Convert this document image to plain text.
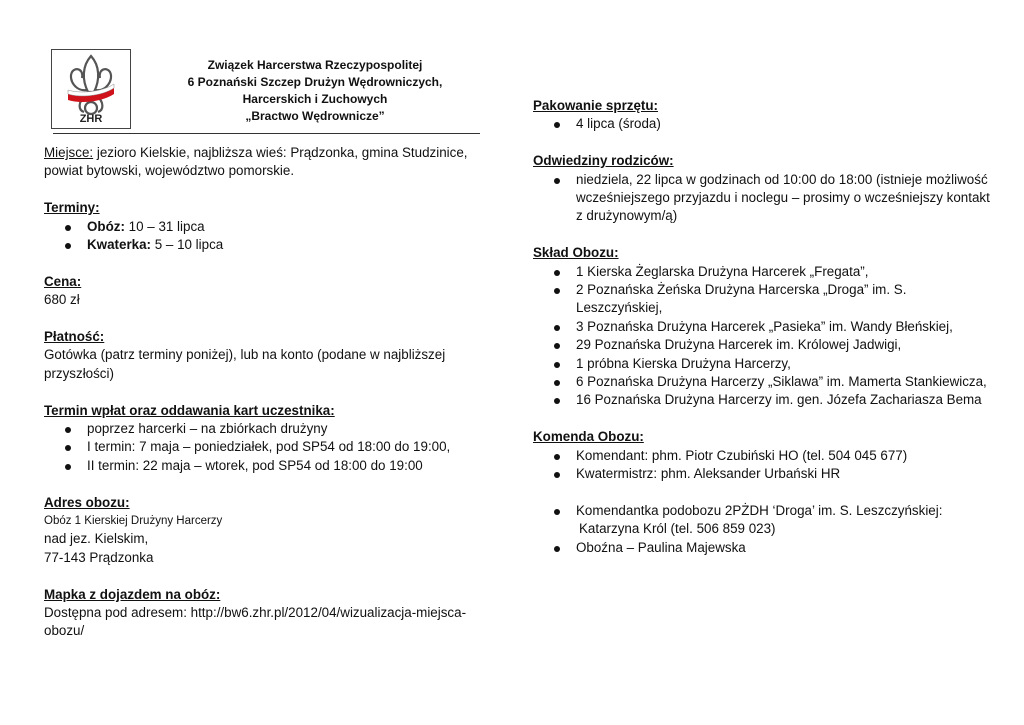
ZHR
Związek Harcerstwa Rzeczypospolitej
6 Poznański Szczep Drużyn Wędrowniczych,
Harcerskich i Zuchowych
„Bractwo Wędrownicze”
Miejsce: jezioro Kielskie, najbliższa wieś: Prądzonka, gmina Studzinice, powiat bytowski, województwo pomorskie.
Terminy:
Obóz: 10 – 31 lipca
Kwaterka: 5 – 10 lipca
Cena:
680 zł
Płatność:
Gotówka (patrz terminy poniżej), lub na konto (podane w najbliższej przyszłości)
Termin wpłat oraz oddawania kart uczestnika:
poprzez harcerki – na zbiórkach drużyny
I termin: 7 maja – poniedziałek, pod SP54 od 18:00 do 19:00,
II termin: 22 maja – wtorek, pod SP54 od 18:00 do 19:00
Adres obozu:
Obóz 1 Kierskiej Drużyny Harcerzy
nad jez. Kielskim,
77-143 Prądzonka
Mapka z dojazdem na obóz:
Dostępna pod adresem: http://bw6.zhr.pl/2012/04/wizualizacja-miejsca-
obozu/
Pakowanie sprzętu:
4 lipca (środa)
Odwiedziny rodziców:
niedziela, 22 lipca w godzinach od 10:00 do 18:00 (istnieje możliwość wcześniejszego przyjazdu i noclegu – prosimy o wcześniejszy kontakt z drużynowym/ą)
Skład Obozu:
1 Kierska Żeglarska Drużyna Harcerek „Fregata”,
2 Poznańska Żeńska Drużyna Harcerska „Droga” im. S. Leszczyńskiej,
3 Poznańska Drużyna Harcerek „Pasieka” im. Wandy Błeńskiej,
29 Poznańska Drużyna Harcerek im. Królowej Jadwigi,
1 próbna Kierska Drużyna Harcerzy,
6 Poznańska Drużyna Harcerzy „Siklawa” im. Mamerta Stankiewicza,
16 Poznańska Drużyna Harcerzy im. gen. Józefa Zachariasza Bema
Komenda Obozu:
Komendant: phm. Piotr Czubiński HO (tel. 504 045 677)
Kwatermistrz: phm. Aleksander Urbański HR
Komendantka podobozu 2PŻDH ‘Droga’ im. S. Leszczyńskiej:
Katarzyna Król (tel. 506 859 023)
Oboźna – Paulina Majewska
